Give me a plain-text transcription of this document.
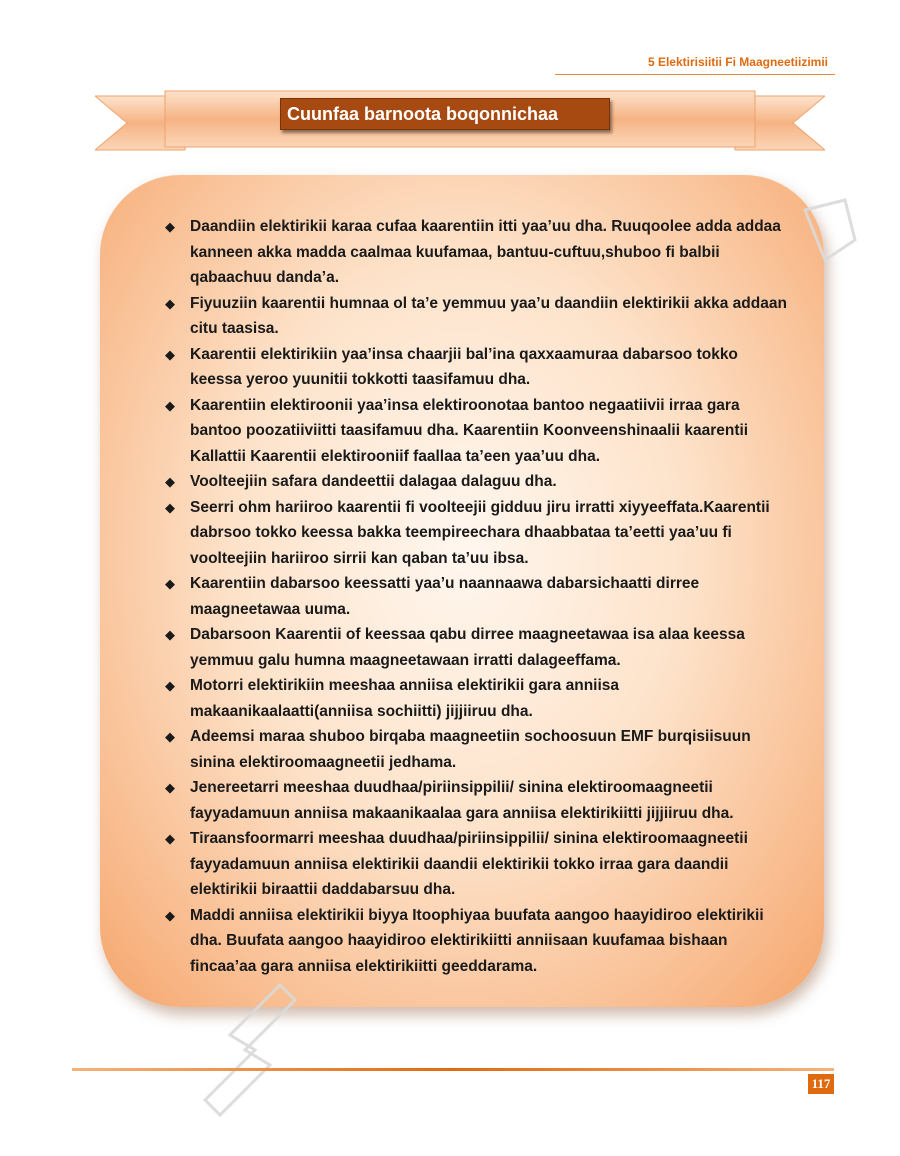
5 Elektirisiitii Fi Maagneetiizimii
Cuunfaa barnoota boqonnichaa
◆ Daandiin elektirikii karaa cufaa kaarentiin itti yaa’uu dha. Ruuqoolee adda addaa kanneen akka madda caalmaa kuufamaa, bantuu-cuftuu,shuboo fi balbii qabaachuu danda’a.
◆ Fiyuuziin kaarentii humnaa ol ta’e yemmuu yaa’u daandiin elektirikii akka addaan citu taasisa.
◆ Kaarentii elektirikiin yaa’insa chaarjii bal’ina qaxxaamuraa dabarsoo tokko keessa yeroo yuunitii tokkotti taasifamuu dha.
◆ Kaarentiin elektiroonii yaa’insa elektiroonotaa bantoo negaatiivii irraa gara bantoo poozatiiviitti taasifamuu dha. Kaarentiin Koonveenshinaalii kaarentii Kallattii Kaarentii elektirooniif faallaa ta’een yaa’uu dha.
◆ Voolteejiin safara dandeettii dalagaa dalaguu dha.
◆ Seerri ohm hariiroo kaarentii fi voolteejii gidduu jiru irratti xiyyeeffata.Kaarentii dabrsoo tokko keessa bakka teempireechara dhaabbataa ta’eetti yaa’uu fi voolteejiin hariiroo sirrii kan qaban ta’uu ibsa.
◆ Kaarentiin dabarsoo keessatti yaa’u naannaawa dabarsichaatti dirree maagneetawaa uuma.
◆ Dabarsoon Kaarentii of keessaa qabu dirree maagneetawaa isa alaa keessa yemmuu galu humna maagneetawaan irratti dalageeffama.
◆ Motorri elektirikiin meeshaa anniisa elektirikii gara anniisa makaanikaalaatti(anniisa sochiitti) jijjiiruu dha.
◆ Adeemsi maraa shuboo birqaba maagneetiin sochoosuun EMF burqisiisuun sinina elektiroomaagneetii jedhama.
◆ Jenereetarri meeshaa duudhaa/piriinsippilii/ sinina elektiroomaagneetii fayyadamuun anniisa makaanikaalaa gara anniisa elektirikiitti jijjiiruu dha.
◆ Tiraansfoormarri meeshaa duudhaa/piriinsippilii/ sinina elektiroomaagneetii fayyadamuun anniisa elektirikii daandii elektirikii tokko irraa gara daandii elektirikii biraattii daddabarsuu dha.
◆ Maddi anniisa elektirikii biyya Itoophiyaa buufata aangoo haayidiroo elektirikii dha. Buufata aangoo haayidiroo elektirikiitti anniisaan kuufamaa bishaan fincaa’aa gara anniisa elektirikiitti geeddarama.
117
